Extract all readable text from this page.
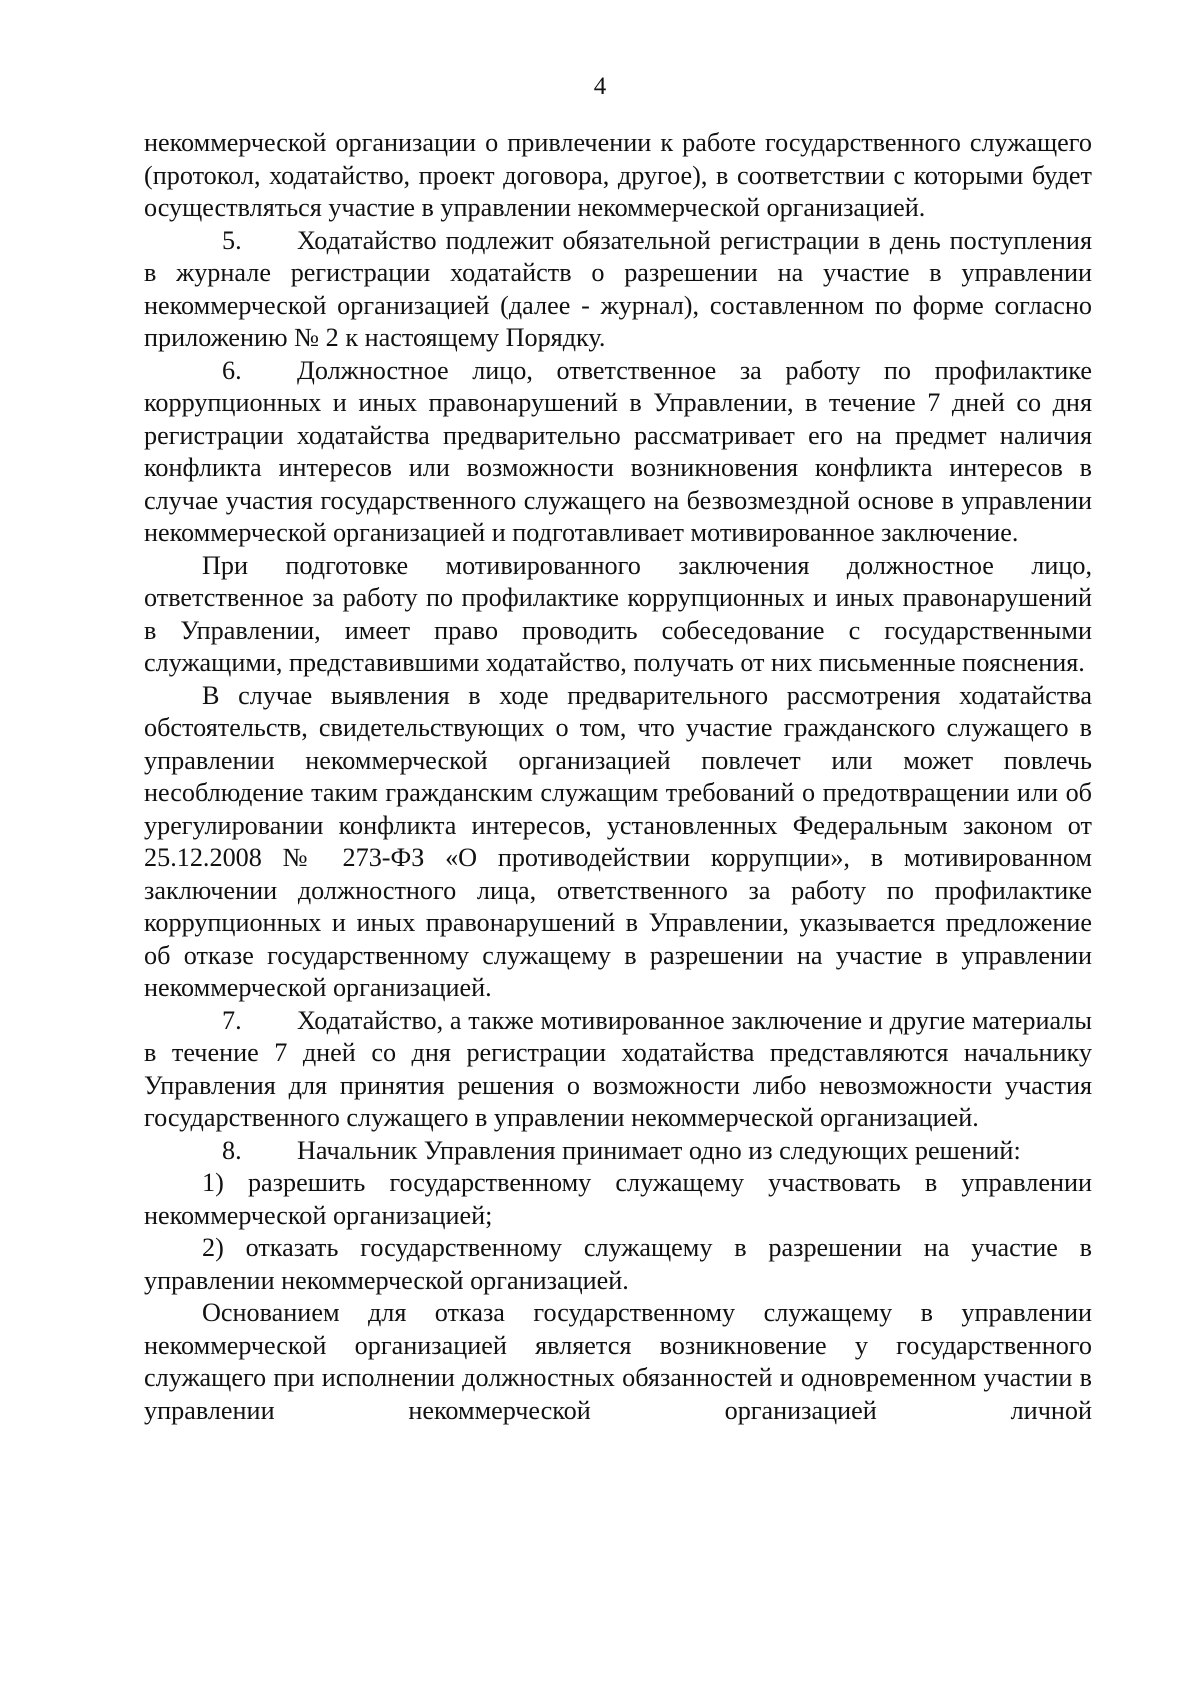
4

некоммерческой организации о привлечении к работе государственного служащего (протокол, ходатайство, проект договора, другое), в соответствии с которыми будет осуществляться участие в управлении некоммерческой организацией.

5. Ходатайство подлежит обязательной регистрации в день поступления в журнале регистрации ходатайств о разрешении на участие в управлении некоммерческой организацией (далее - журнал), составленном по форме согласно приложению № 2 к настоящему Порядку.

6. Должностное лицо, ответственное за работу по профилактике коррупционных и иных правонарушений в Управлении, в течение 7 дней со дня регистрации ходатайства предварительно рассматривает его на предмет наличия конфликта интересов или возможности возникновения конфликта интересов в случае участия государственного служащего на безвозмездной основе в управлении некоммерческой организацией и подготавливает мотивированное заключение.

При подготовке мотивированного заключения должностное лицо, ответственное за работу по профилактике коррупционных и иных правонарушений в Управлении, имеет право проводить собеседование с государственными служащими, представившими ходатайство, получать от них письменные пояснения.

В случае выявления в ходе предварительного рассмотрения ходатайства обстоятельств, свидетельствующих о том, что участие гражданского служащего в управлении некоммерческой организацией повлечет или может повлечь несоблюдение таким гражданским служащим требований о предотвращении или об урегулировании конфликта интересов, установленных Федеральным законом от 25.12.2008 № 273-ФЗ «О противодействии коррупции», в мотивированном заключении должностного лица, ответственного за работу по профилактике коррупционных и иных правонарушений в Управлении, указывается предложение об отказе государственному служащему в разрешении на участие в управлении некоммерческой организацией.

7. Ходатайство, а также мотивированное заключение и другие материалы в течение 7 дней со дня регистрации ходатайства представляются начальнику Управления для принятия решения о возможности либо невозможности участия государственного служащего в управлении некоммерческой организацией.

8. Начальник Управления принимает одно из следующих решений:

1) разрешить государственному служащему участвовать в управлении некоммерческой организацией;

2) отказать государственному служащему в разрешении на участие в управлении некоммерческой организацией.

Основанием для отказа государственному служащему в управлении некоммерческой организацией является возникновение у государственного служащего при исполнении должностных обязанностей и одновременном участии в управлении некоммерческой организацией личной
